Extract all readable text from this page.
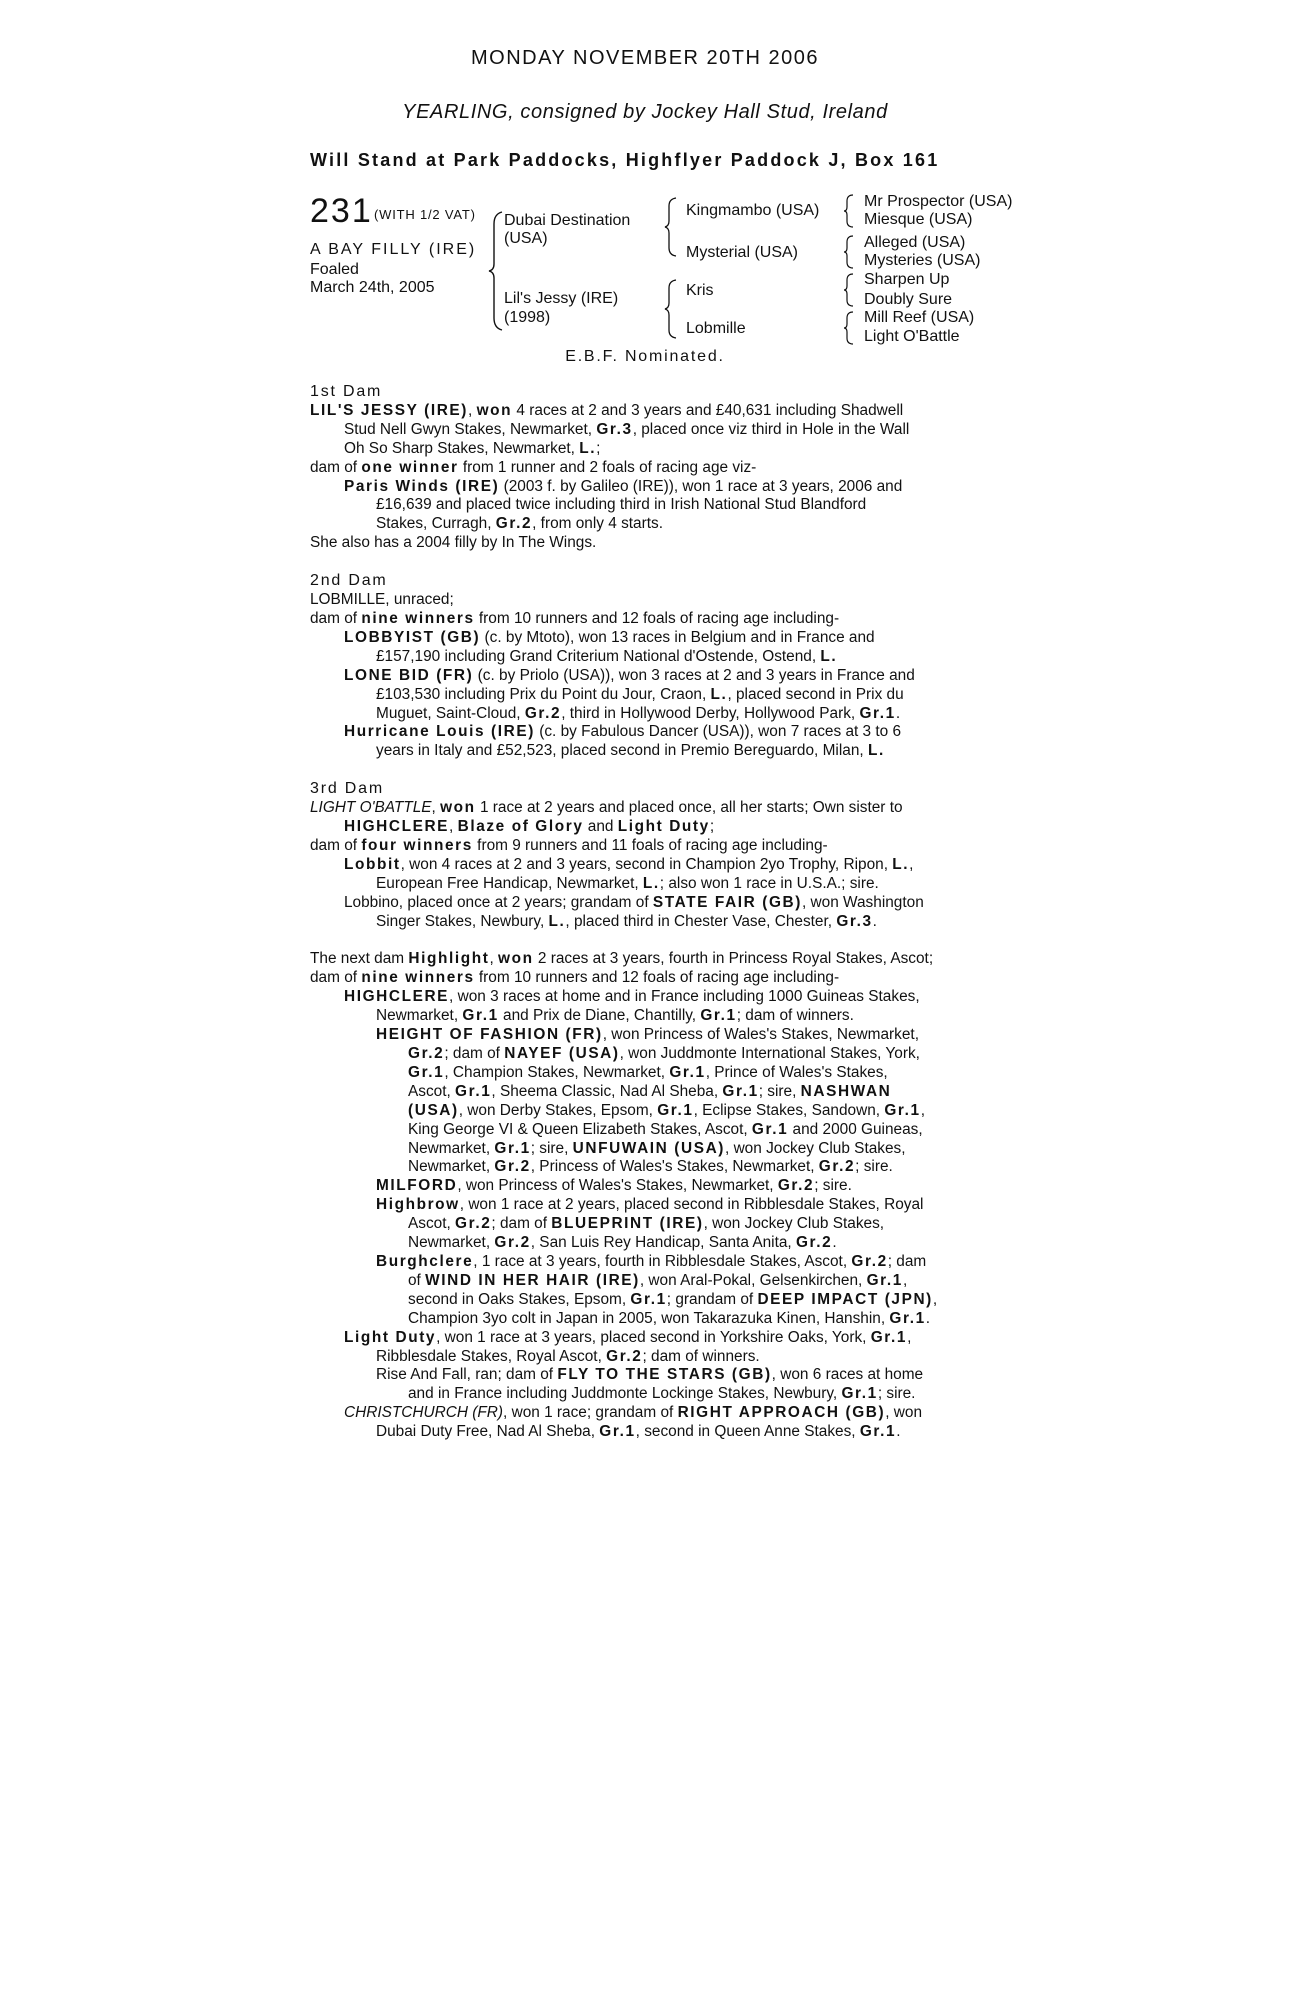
MONDAY NOVEMBER 20TH 2006
YEARLING, consigned by Jockey Hall Stud, Ireland
Will Stand at Park Paddocks, Highflyer Paddock J, Box 161
231 (WITH 1/2 VAT)
A BAY FILLY (IRE)
Foaled
March 24th, 2005
Dubai Destination
(USA)
Lil's Jessy (IRE)
(1998)
Kingmambo (USA)
Mysterial (USA)
Kris
Lobmille
Mr Prospector (USA)
Miesque (USA)
Alleged (USA)
Mysteries (USA)
Sharpen Up
Doubly Sure
Mill Reef (USA)
Light O'Battle
E.B.F. Nominated.
1st Dam
LIL'S JESSY (IRE), won 4 races at 2 and 3 years and £40,631 including Shadwell
Stud Nell Gwyn Stakes, Newmarket, Gr.3, placed once viz third in Hole in the Wall
Oh So Sharp Stakes, Newmarket, L.;
dam of one winner from 1 runner and 2 foals of racing age viz-
Paris Winds (IRE) (2003 f. by Galileo (IRE)), won 1 race at 3 years, 2006 and
£16,639 and placed twice including third in Irish National Stud Blandford
Stakes, Curragh, Gr.2, from only 4 starts.
She also has a 2004 filly by In The Wings.
2nd Dam
LOBMILLE, unraced;
dam of nine winners from 10 runners and 12 foals of racing age including-
LOBBYIST (GB) (c. by Mtoto), won 13 races in Belgium and in France and
£157,190 including Grand Criterium National d'Ostende, Ostend, L.
LONE BID (FR) (c. by Priolo (USA)), won 3 races at 2 and 3 years in France and
£103,530 including Prix du Point du Jour, Craon, L., placed second in Prix du
Muguet, Saint-Cloud, Gr.2, third in Hollywood Derby, Hollywood Park, Gr.1.
Hurricane Louis (IRE) (c. by Fabulous Dancer (USA)), won 7 races at 3 to 6
years in Italy and £52,523, placed second in Premio Bereguardo, Milan, L.
3rd Dam
LIGHT O'BATTLE, won 1 race at 2 years and placed once, all her starts; Own sister to
HIGHCLERE, Blaze of Glory and Light Duty;
dam of four winners from 9 runners and 11 foals of racing age including-
Lobbit, won 4 races at 2 and 3 years, second in Champion 2yo Trophy, Ripon, L.,
European Free Handicap, Newmarket, L.; also won 1 race in U.S.A.; sire.
Lobbino, placed once at 2 years; grandam of STATE FAIR (GB), won Washington
Singer Stakes, Newbury, L., placed third in Chester Vase, Chester, Gr.3.
The next dam Highlight, won 2 races at 3 years, fourth in Princess Royal Stakes, Ascot;
dam of nine winners from 10 runners and 12 foals of racing age including-
HIGHCLERE, won 3 races at home and in France including 1000 Guineas Stakes,
Newmarket, Gr.1 and Prix de Diane, Chantilly, Gr.1; dam of winners.
HEIGHT OF FASHION (FR), won Princess of Wales's Stakes, Newmarket,
Gr.2; dam of NAYEF (USA), won Juddmonte International Stakes, York,
Gr.1, Champion Stakes, Newmarket, Gr.1, Prince of Wales's Stakes,
Ascot, Gr.1, Sheema Classic, Nad Al Sheba, Gr.1; sire, NASHWAN
(USA), won Derby Stakes, Epsom, Gr.1, Eclipse Stakes, Sandown, Gr.1,
King George VI & Queen Elizabeth Stakes, Ascot, Gr.1 and 2000 Guineas,
Newmarket, Gr.1; sire, UNFUWAIN (USA), won Jockey Club Stakes,
Newmarket, Gr.2, Princess of Wales's Stakes, Newmarket, Gr.2; sire.
MILFORD, won Princess of Wales's Stakes, Newmarket, Gr.2; sire.
Highbrow, won 1 race at 2 years, placed second in Ribblesdale Stakes, Royal
Ascot, Gr.2; dam of BLUEPRINT (IRE), won Jockey Club Stakes,
Newmarket, Gr.2, San Luis Rey Handicap, Santa Anita, Gr.2.
Burghclere, 1 race at 3 years, fourth in Ribblesdale Stakes, Ascot, Gr.2; dam
of WIND IN HER HAIR (IRE), won Aral-Pokal, Gelsenkirchen, Gr.1,
second in Oaks Stakes, Epsom, Gr.1; grandam of DEEP IMPACT (JPN),
Champion 3yo colt in Japan in 2005, won Takarazuka Kinen, Hanshin, Gr.1.
Light Duty, won 1 race at 3 years, placed second in Yorkshire Oaks, York, Gr.1,
Ribblesdale Stakes, Royal Ascot, Gr.2; dam of winners.
Rise And Fall, ran; dam of FLY TO THE STARS (GB), won 6 races at home
and in France including Juddmonte Lockinge Stakes, Newbury, Gr.1; sire.
CHRISTCHURCH (FR), won 1 race; grandam of RIGHT APPROACH (GB), won
Dubai Duty Free, Nad Al Sheba, Gr.1, second in Queen Anne Stakes, Gr.1.
